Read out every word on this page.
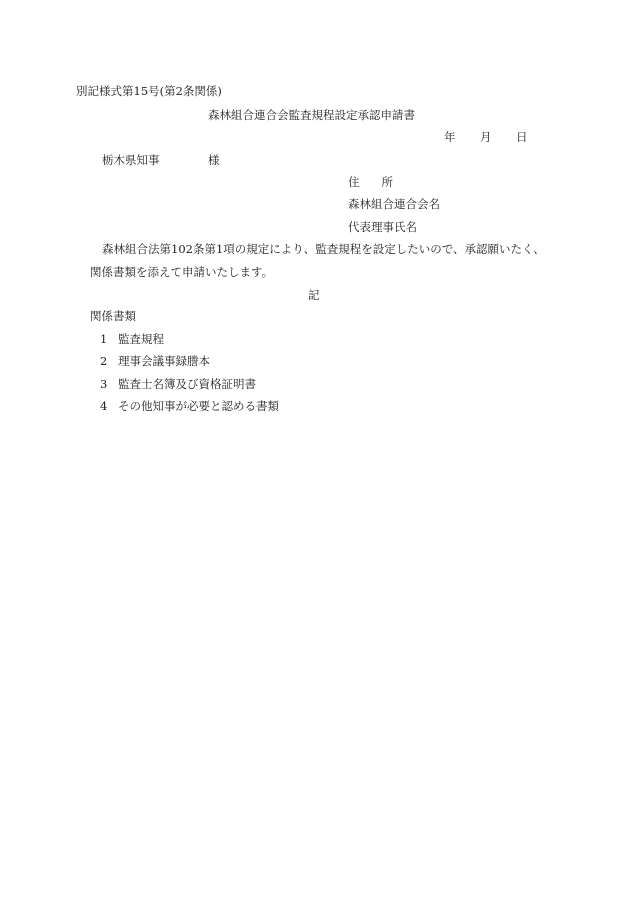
別記様式第15号(第2条関係)
森林組合連合会監査規程設定承認申請書
年 月 日
栃木県知事	様
住 所
森林組合連合会名
代表理事氏名
森林組合法第102条第1項の規定により、監査規程を設定したいので、承認願いたく、
関係書類を添えて申請いたします。
記
関係書類
1 監査規程
2 理事会議事録謄本
3 監査士名簿及び資格証明書
4 その他知事が必要と認める書類
